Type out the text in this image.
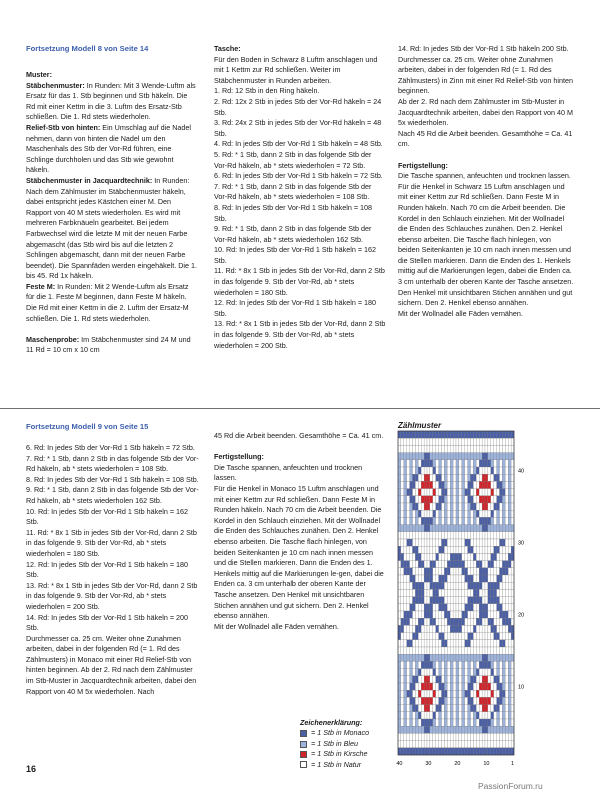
Fortsetzung Modell 8 von Seite 14

Muster:

Stäbchenmuster: In Runden: Mit 3 Wende-Luftm als Ersatz für das 1. Stb beginnen und Stb häkeln. Die Rd mit einer Kettm in die 3. Luftm des Ersatz-Stb schließen. Die 1. Rd stets wiederholen.

Relief-Stb von hinten: Ein Umschlag auf die Nadel nehmen, dann von hinten die Nadel um den Maschenhals des Stb der Vor-Rd führen, eine Schlinge durchholen und das Stb wie gewohnt häkeln.

Stäbchenmuster in Jacquardtechnik: In Runden: Nach dem Zählmuster im Stäbchenmuster häkeln, dabei entspricht jedes Kästchen einer M. Den Rapport von 40 M stets wiederholen. Es wird mit mehreren Farbknäueln gearbeitet. Bei jedem Farbwechsel wird die letzte M mit der neuen Farbe abgemascht (das Stb wird bis auf die letzten 2 Schlingen abgemascht, dann mit der neuen Farbe beendet). Die Spannfäden werden eingehäkelt. Die 1. bis 45. Rd 1x häkeln.

Feste M: In Runden: Mit 2 Wende-Luftm als Ersatz für die 1. Feste M beginnen, dann Feste M häkeln. Die Rd mit einer Kettm in die 2. Luftm der Ersatz-M schließen. Die 1. Rd stets wiederholen.

Maschenprobe: Im Stäbchenmuster sind 24 M und 11 Rd = 10 cm x 10 cm

Tasche:

Für den Boden in Schwarz 8 Luftm anschlagen und mit 1 Kettm zur Rd schließen. Weiter im Stäbchenmuster in Runden arbeiten.

1. Rd: 12 Stb in den Ring häkeln.

2. Rd: 12x 2 Stb in jedes Stb der Vor-Rd häkeln = 24 Stb.

3. Rd: 24x 2 Stb in jedes Stb der Vor-Rd häkeln = 48 Stb.

4. Rd: In jedes Stb der Vor-Rd 1 Stb häkeln = 48 Stb.

5. Rd: * 1 Stb, dann 2 Stb in das folgende Stb der Vor-Rd häkeln, ab * stets wiederholen = 72 Stb.

6. Rd: In jedes Stb der Vor-Rd 1 Stb häkeln = 72 Stb.

7. Rd: * 1 Stb, dann 2 Stb in das folgende Stb der Vor-Rd häkeln, ab * stets wiederholen = 108 Stb.

8. Rd: In jedes Stb der Vor-Rd 1 Stb häkeln = 108 Stb.

9. Rd: * 1 Stb, dann 2 Stb in das folgende Stb der Vor-Rd häkeln, ab * stets wiederholen 162 Stb.

10. Rd: In jedes Stb der Vor-Rd 1 Stb häkeln = 162 Stb.

11. Rd: * 8x 1 Stb in jedes Stb der Vor-Rd, dann 2 Stb in das folgende 9. Stb der Vor-Rd, ab * stets wiederholen = 180 Stb.

12. Rd: In jedes Stb der Vor-Rd 1 Stb häkeln = 180 Stb.

13. Rd: * 8x 1 Stb in jedes Stb der Vor-Rd, dann 2 Stb in das folgende 9. Stb der Vor-Rd, ab * stets wiederholen = 200 Stb.

14. Rd: In jedes Stb der Vor-Rd 1 Stb häkeln 200 Stb.

Durchmesser ca. 25 cm. Weiter ohne Zunahmen arbeiten, dabei in der folgenden Rd (= 1. Rd des Zählmusters) in Zinn mit einer Rd Relief-Stb von hinten beginnen.

Ab der 2. Rd nach dem Zählmuster im Stb-Muster in Jacquardtechnik arbeiten, dabei den Rapport von 40 M 5x wiederholen.

Nach 45 Rd die Arbeit beenden. Gesamthöhe = Ca. 41 cm.

Fertigstellung:

Die Tasche spannen, anfeuchten und trocknen lassen.

Für die Henkel in Schwarz 15 Luftm anschlagen und mit einer Kettm zur Rd schließen. Dann Feste M in Runden häkeln. Nach 70 cm die Arbeit beenden. Die Kordel in den Schlauch einziehen. Mit der Wollnadel die Enden des Schlauches zunähen. Den 2. Henkel ebenso arbeiten. Die Tasche flach hinlegen, von beiden Seitenkanten je 10 cm nach innen messen und die Stellen markieren. Dann die Enden des 1. Henkels mittig auf die Markierungen legen, dabei die Enden ca. 3 cm unterhalb der oberen Kante der Tasche ansetzen. Den Henkel mit unsichtbaren Stichen annähen und gut sichern. Den 2. Henkel ebenso annähen.

Mit der Wollnadel alle Fäden vernähen.

Fortsetzung Modell 9 von Seite 15

6. Rd: In jedes Stb der Vor-Rd 1 Stb häkeln = 72 Stb.

7. Rd: * 1 Stb, dann 2 Stb in das folgende Stb der Vor-Rd häkeln, ab * stets wiederholen = 108 Stb.

8. Rd: In jedes Stb der Vor-Rd 1 Stb häkeln = 108 Stb.

9. Rd: * 1 Stb, dann 2 Stb in das folgende Stb der Vor-Rd häkeln, ab * stets wiederholen 162 Stb.

10. Rd: In jedes Stb der Vor-Rd 1 Stb häkeln = 162 Stb.

11. Rd: * 8x 1 Stb in jedes Stb der Vor-Rd, dann 2 Stb in das folgende 9. Stb der Vor-Rd, ab * stets wiederholen = 180 Stb.

12. Rd: In jedes Stb der Vor-Rd 1 Stb häkeln = 180 Stb.

13. Rd: * 8x 1 Stb in jedes Stb der Vor-Rd, dann 2 Stb in das folgende 9. Stb der Vor-Rd, ab * stets wiederholen = 200 Stb.

14. Rd: In jedes Stb der Vor-Rd 1 Stb häkeln = 200 Stb.

Durchmesser ca. 25 cm. Weiter ohne Zunahmen arbeiten, dabei in der folgenden Rd (= 1. Rd des Zählmusters) in Monaco mit einer Rd Relief-Stb von hinten beginnen. Ab der 2. Rd nach dem Zählmuster im Stb-Muster in Jacquardtechnik arbeiten, dabei den Rapport von 40 M 5x wiederholen. Nach

45 Rd die Arbeit beenden. Gesamthöhe = Ca. 41 cm.

Fertigstellung:

Die Tasche spannen, anfeuchten und trocknen lassen.

Für die Henkel in Monaco 15 Luftm anschlagen und mit einer Kettm zur Rd schließen. Dann Feste M in Runden häkeln. Nach 70 cm die Arbeit beenden. Die Kordel in den Schlauch einziehen. Mit der Wollnadel die Enden des Schlauches zunähen. Den 2. Henkel ebenso arbeiten. Die Tasche flach hinlegen, von beiden Seitenkanten je 10 cm nach innen messen und die Stellen markieren. Dann die Enden des 1. Henkels mittig auf die Markierungen le-gen, dabei die Enden ca. 3 cm unterhalb der oberen Kante der Tasche ansetzen. Den Henkel mit unsichtbaren Stichen annähen und gut sichern. Den 2. Henkel ebenso annähen.

Mit der Wollnadel alle Fäden vernähen.

Zählmuster
40	30	20	10	1
40
30
20
10
Zeichenerklärung:
= 1 Stb in Monaco
= 1 Stb in Bleu
= 1 Stb in Kirsche
= 1 Stb in Natur
16
PassionForum.ru
